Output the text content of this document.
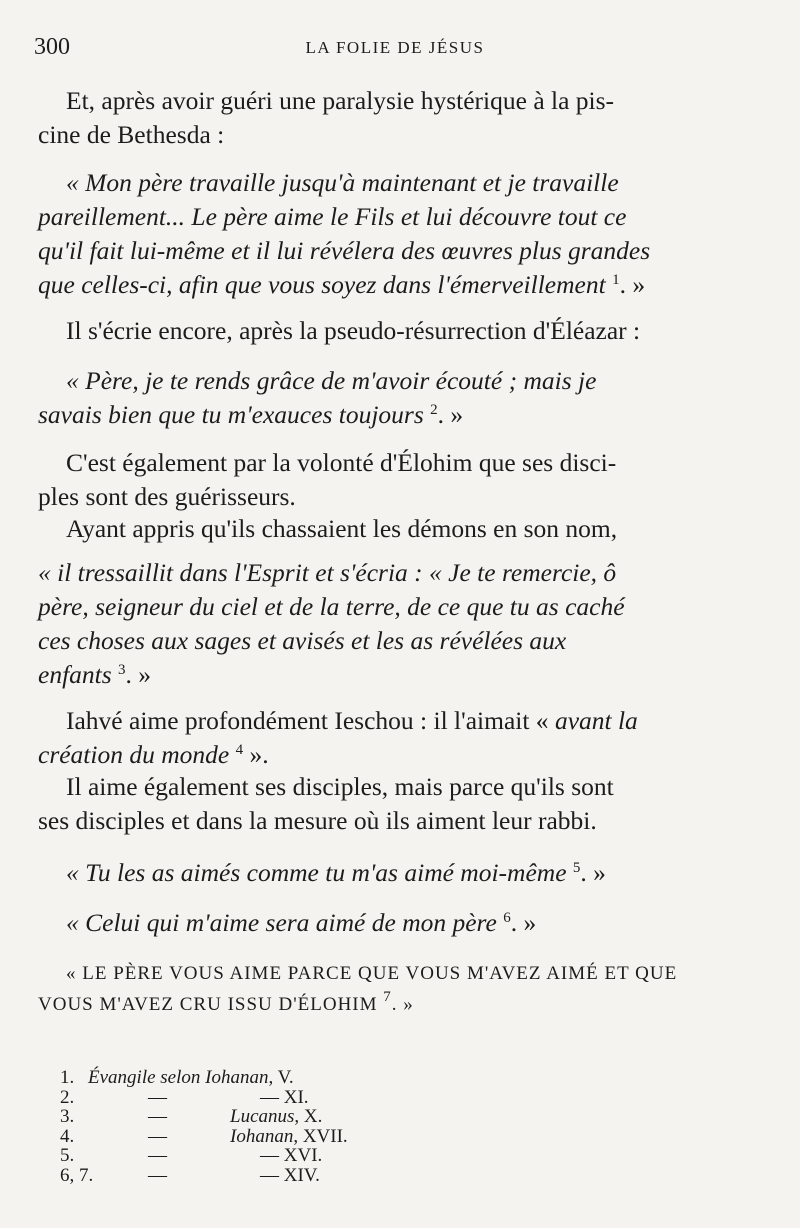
300	LA FOLIE DE JÉSUS
Et, après avoir guéri une paralysie hystérique à la pis-
cine de Bethesda :
« Mon père travaille jusqu'à maintenant et je travaille
pareillement... Le père aime le Fils et lui découvre tout ce
qu'il fait lui-même et il lui révélera des œuvres plus grandes
que celles-ci, afin que vous soyez dans l'émerveillement $^1$. »
Il s'écrie encore, après la pseudo-résurrection d'Éléazar :
« Père, je te rends grâce de m'avoir écouté ; mais je
savais bien que tu m'exauces toujours $^2$. »
C'est également par la volonté d'Élohim que ses disci-
ples sont des guérisseurs.
Ayant appris qu'ils chassaient les démons en son nom,
« il tressaillit dans l'Esprit et s'écria : « Je te remercie, ô
père, seigneur du ciel et de la terre, de ce que tu as caché
ces choses aux sages et avisés et les as révélées aux
enfants $^3$. »
Iahvé aime profondément Ieschou : il l'aimait « avant la
création du monde $^4$ ».
Il aime également ses disciples, mais parce qu'ils sont
ses disciples et dans la mesure où ils aiment leur rabbi.
« Tu les as aimés comme tu m'as aimé moi-même $^5$. »
« Celui qui m'aime sera aimé de mon père $^6$. »
« LE PÈRE VOUS AIME PARCE QUE VOUS M'AVEZ AIMÉ ET QUE
VOUS M'AVEZ CRU ISSU D'ÉLOHIM $^7$. »
1. Évangile selon Iohanan, V.
2.	—	— XI.
3.	—	Lucanus, X.
4.	—	Iohanan, XVII.
5.	—	— XVI.
6, 7.	—	— XIV.
